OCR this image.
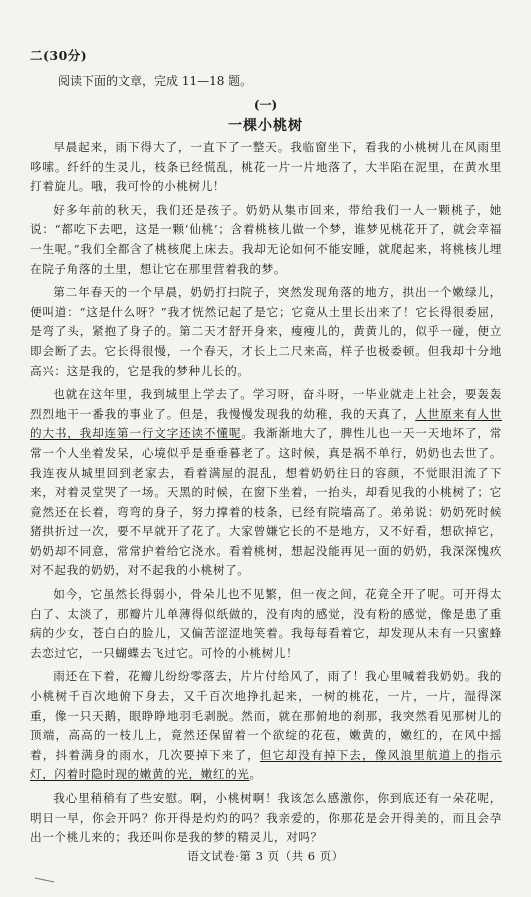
二(30分)
阅读下面的文章，完成 11—18 题。
(一)
一棵小桃树

早晨起来，雨下得大了，一直下了一整天。我临窗坐下，看我的小桃树儿在风雨里哆嗦。纤纤的生灵儿，枝条已经慌乱，桃花一片一片地落了，大半陷在泥里，在黄水里打着旋儿。哦，我可怜的小桃树儿！

好多年前的秋天，我们还是孩子。奶奶从集市回来，带给我们一人一颗桃子，她说：“都吃下去吧，这是一颗‘仙桃’；含着桃核儿做一个梦，谁梦见桃花开了，就会幸福一生呢。”我们全都含了桃核爬上床去。我却无论如何不能安睡，就爬起来，将桃核儿埋在院子角落的土里，想让它在那里营着我的梦。

第二年春天的一个早晨，奶奶打扫院子，突然发现角落的地方，拱出一个嫩绿儿，便叫道：“这是什么呀？”我才恍然记起了是它；它竟从土里长出来了！它长得很委屈，是弯了头，紧抱了身子的。第二天才舒开身来，瘦瘦儿的，黄黄儿的，似乎一碰，便立即会断了去。它长得很慢，一个春天，才长上二尺来高，样子也极委顿。但我却十分地高兴：这是我的，它是我的梦种儿长的。

也就在这年里，我到城里上学去了。学习呀，奋斗呀，一毕业就走上社会，要轰轰烈烈地干一番我的事业了。但是，我慢慢发现我的幼稚，我的天真了，人世原来有人世的大书，我却连第一行文字还读不懂呢。我渐渐地大了，脾性儿也一天一天地坏了，常常一个人坐着发呆，心境似乎是垂垂暮老了。这时候，真是祸不单行，奶奶也去世了。我连夜从城里回到老家去，看着满屋的混乱，想着奶奶往日的容颜，不觉眼泪流了下来，对着灵堂哭了一场。天黑的时候，在窗下坐着，一抬头，却看见我的小桃树了；它竟然还在长着，弯弯的身子，努力撑着的枝条，已经有院墙高了。弟弟说：奶奶死时候猪拱折过一次，要不早就开了花了。大家曾嫌它长的不是地方，又不好看，想砍掉它，奶奶却不同意，常常护着给它浇水。看着桃树，想起没能再见一面的奶奶，我深深愧疚对不起我的奶奶，对不起我的小桃树了。

如今，它虽然长得弱小，骨朵儿也不见繁，但一夜之间，花竟全开了呢。可开得太白了、太淡了，那瓣片儿单薄得似纸做的，没有肉的感觉，没有粉的感觉，像是患了重病的少女，苍白白的脸儿，又偏苦涩涩地笑着。我每每看着它，却发现从未有一只蜜蜂去恋过它，一只蝴蝶去飞过它。可怜的小桃树儿！

雨还在下着，花瓣儿纷纷零落去，片片付给风了，雨了！我心里喊着我奶奶。我的小桃树千百次地俯下身去，又千百次地挣扎起来，一树的桃花，一片，一片，湿得深重，像一只天鹅，眼睁睁地羽毛剥脱。然而，就在那俯地的刹那，我突然看见那树儿的顶端，高高的一枝儿上，竟然还保留着一个欲绽的花苞，嫩黄的，嫩红的，在风中摇着，抖着满身的雨水，几次要掉下来了，但它却没有掉下去，像风浪里航道上的指示灯，闪着时隐时现的嫩黄的光，嫩红的光。

我心里稍稍有了些安慰。啊，小桃树啊！我该怎么感激你，你到底还有一朵花呢，明日一早，你会开吗？你开得是灼灼的吗？我亲爱的，你那花是会开得美的，而且会孕出一个桃儿来的；我还叫你是我的梦的精灵儿，对吗？

语文试卷·第 3 页（共 6 页）
